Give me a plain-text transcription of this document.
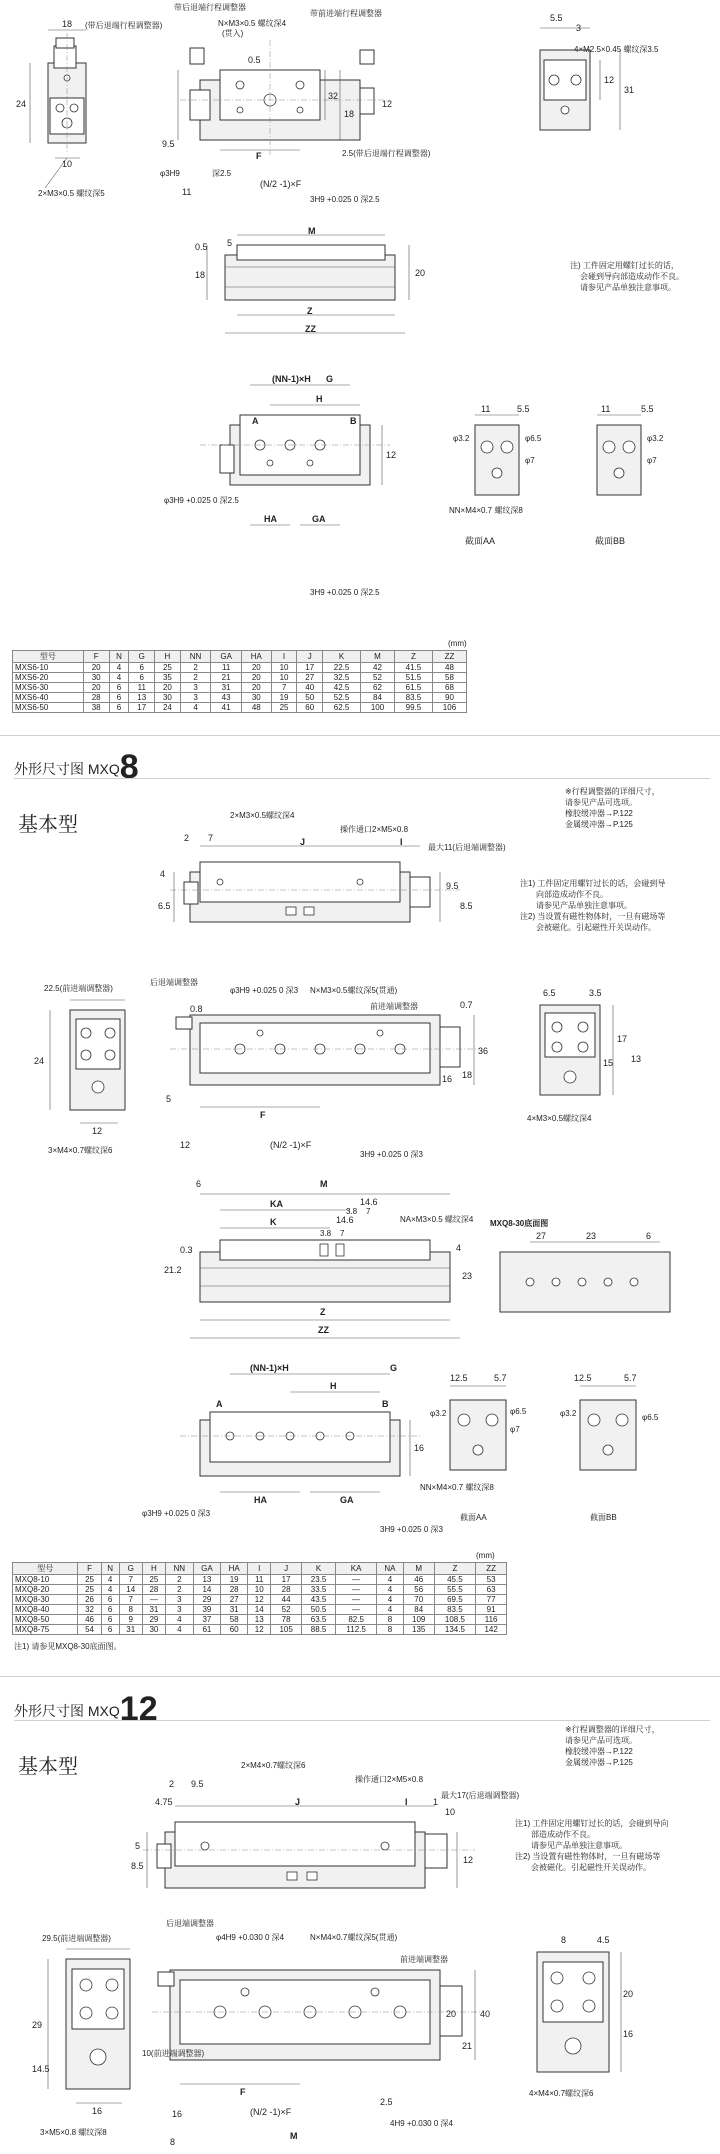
18
24
10
2×M3×0.5 螺纹深5
(带后退端行程调整器)
带后退端行程调整器
N×M3×0.5 螺纹深4
(贯入)
带前进端行程调整器
0.5
32
18
12
9.5
F
φ3H9	深2.5
11
(N/2 -1)×F
2.5(带后退端行程调整器)
3H9 +0.025 0 深2.5
5.5
3
4×M2.5×0.45 螺纹深3.5
12
31
M
0.5 5
18	20
Z
ZZ
注) 工件固定用螺钉过长的话，
会碰到导向部造成动作不良。
请参见产品单独注意事项。
(NN-1)×H G
H
A	B
12
φ3H9 +0.025 0 深2.5
HA	GA
3H9 +0.025 0 深2.5
11	5.5
φ3.2	φ6.5
φ7
NN×M4×0.7 螺纹深8
截面AA
11	5.5
φ3.2
φ7
截面BB
(mm)
型号	F	N	G	H	NN	GA	HA	I	J	K	M	Z	ZZ
MXS6-10	20	4	6	25	2	11	20	10	17	22.5	42	41.5	48
MXS6-20	30	4	6	35	2	21	20	10	27	32.5	52	51.5	58
MXS6-30	20	6	11	20	3	31	20	7	40	42.5	62	61.5	68
MXS6-40	28	6	13	30	3	43	30	19	50	52.5	84	83.5	90
MXS6-50	38	6	17	24	4	41	48	25	60	62.5	100	99.5	106
外形尺寸图 MXQ8
基本型
※行程调整器的详细尺寸，
请参见产品可选项。
橡胶缓冲器→P.122
金属缓冲器→P.125
2×M3×0.5螺纹深4
操作通口2×M5×0.8
最大11(后退端调整器)
2 7	J	I
4
6.5
9.5
8.5
注1) 工件固定用螺钉过长的话，会碰到导
向部造成动作不良。
请参见产品单独注意事项。
注2) 当设置有磁性物体时，一旦有磁场等
会被磁化。引起磁性开关误动作。
22.5(前进端调整器)
24
12
3×M4×0.7螺纹深6
后退端调整器
φ3H9 +0.025 0 深3 N×M3×0.5螺纹深5(贯通)
前进端调整器	0.7
16
36
18
0.8
F
12
5
(N/2 -1)×F
3H9 +0.025 0 深3
6.5	3.5
15
17
13
4×M3×0.5螺纹深4
6	M
KA	14.6
K	14.6
3.8 7
3.8 7
NA×M3×0.5 螺纹深4
21.2
0.3	4
23
Z
ZZ
MXQ8-30底面图
27	23	6
(NN-1)×H	G
H
A	B
16
φ3H9 +0.025 0 深3
HA	GA
3H9 +0.025 0 深3
12.5	5.7
φ3.2	φ6.5
φ7
NN×M4×0.7 螺纹深8
截面AA
12.5	5.7
φ3.2	φ6.5
截面BB
(mm)
型号	F	N	G	H	NN	GA	HA	I	J	K	KA	NA	M	Z	ZZ
MXQ8-10	25	4	7	25	2	13	19	11	17	23.5	—	4	46	45.5	53
MXQ8-20	25	4	14	28	2	14	28	10	28	33.5	—	4	56	55.5	63
MXQ8-30	26	6	7	—	3	29	27	12	44	43.5	—	4	70	69.5	77
MXQ8-40	32	6	8	31	3	39	31	14	52	50.5	—	4	84	83.5	91
MXQ8-50	46	6	9	29	4	37	58	13	78	63.5	82.5	8	109	108.5	116
MXQ8-75	54	6	31	30	4	61	60	12	105	88.5	112.5	8	135	134.5	142
注1) 请参见MXQ8-30底面图。
外形尺寸图 MXQ12
基本型
※行程调整器的详细尺寸，
请参见产品可选项。
橡胶缓冲器→P.122
金属缓冲器→P.125
2×M4×0.7螺纹深6
操作通口2×M5×0.8
最大17(后退端调整器)
2 9.5
4.75	J	I	1
10
5
8.5
12
注1) 工件固定用螺钉过长的话，会碰到导向
部造成动作不良。
请参见产品单独注意事项。
注2) 当设置有磁性物体时，一旦有磁场等
会被磁化。引起磁性开关误动作。
29.5(前进端调整器)
29
14.5
16
3×M5×0.8 螺纹深8
后退端调整器
φ4H9 +0.030 0 深4	N×M4×0.7螺纹深5(贯通)
前进端调整器
20	40
21
10(前进端调整器)
F
16	(N/2 -1)×F
2.5
4H9 +0.030 0 深4
M
8	4.5
20
16
4×M4×0.7螺纹深6
8
